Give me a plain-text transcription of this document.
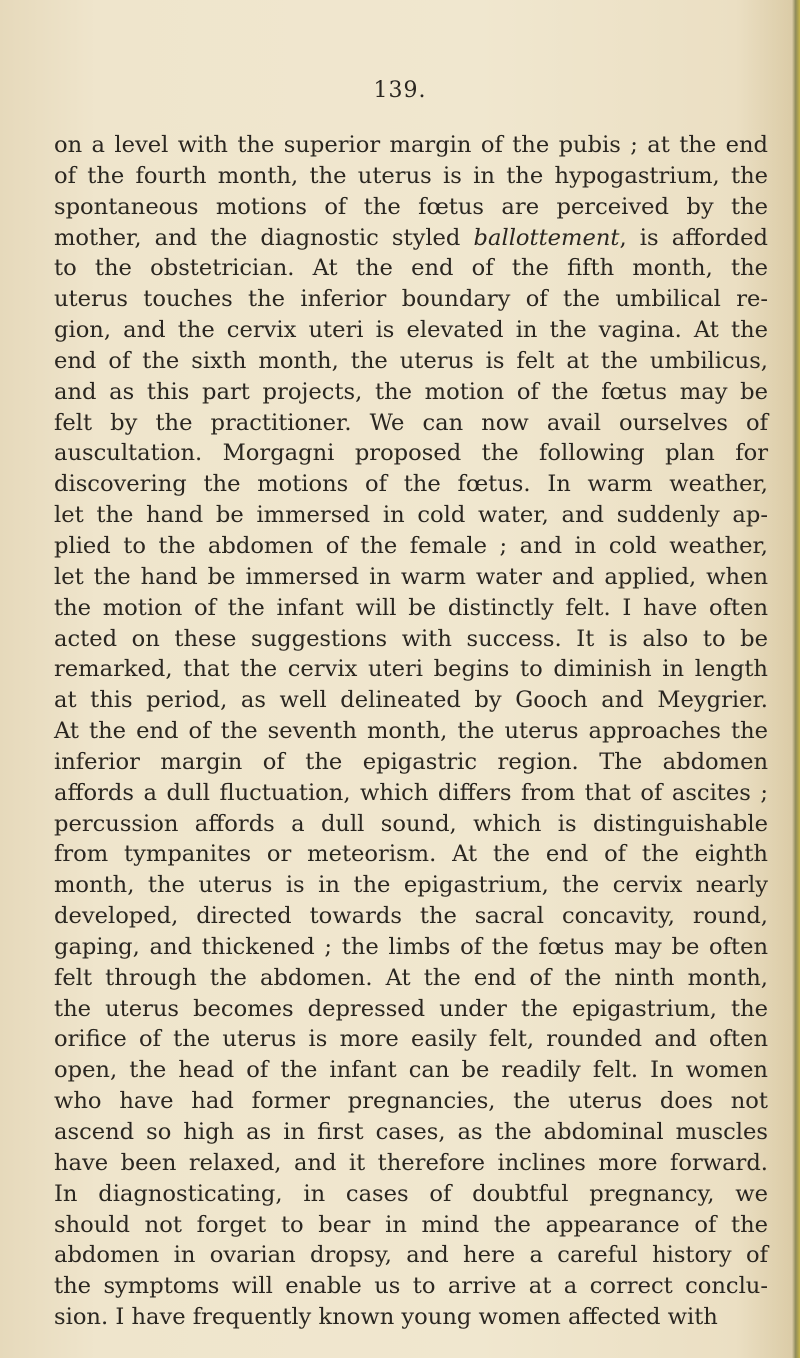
139.
on a level with the superior margin of the pubis ; at the end
of the fourth month, the uterus is in the hypogastrium, the
spontaneous motions of the fœtus are perceived by the
mother, and the diagnostic styled ballottement, is afforded
to the obstetrician. At the end of the fifth month, the
uterus touches the inferior boundary of the umbilical re-
gion, and the cervix uteri is elevated in the vagina. At the
end of the sixth month, the uterus is felt at the umbilicus,
and as this part projects, the motion of the fœtus may be
felt by the practitioner. We can now avail ourselves of
auscultation. Morgagni proposed the following plan for
discovering the motions of the fœtus. In warm weather,
let the hand be immersed in cold water, and suddenly ap-
plied to the abdomen of the female ; and in cold weather,
let the hand be immersed in warm water and applied, when
the motion of the infant will be distinctly felt. I have often
acted on these suggestions with success. It is also to be
remarked, that the cervix uteri begins to diminish in length
at this period, as well delineated by Gooch and Meygrier.
At the end of the seventh month, the uterus approaches the
inferior margin of the epigastric region. The abdomen
affords a dull fluctuation, which differs from that of ascites ;
percussion affords a dull sound, which is distinguishable
from tympanites or meteorism. At the end of the eighth
month, the uterus is in the epigastrium, the cervix nearly
developed, directed towards the sacral concavity, round,
gaping, and thickened ; the limbs of the fœtus may be often
felt through the abdomen. At the end of the ninth month,
the uterus becomes depressed under the epigastrium, the
orifice of the uterus is more easily felt, rounded and often
open, the head of the infant can be readily felt. In women
who have had former pregnancies, the uterus does not
ascend so high as in first cases, as the abdominal muscles
have been relaxed, and it therefore inclines more forward.
In diagnosticating, in cases of doubtful pregnancy, we
should not forget to bear in mind the appearance of the
abdomen in ovarian dropsy, and here a careful history of
the symptoms will enable us to arrive at a correct conclu-
sion. I have frequently known young women affected with
